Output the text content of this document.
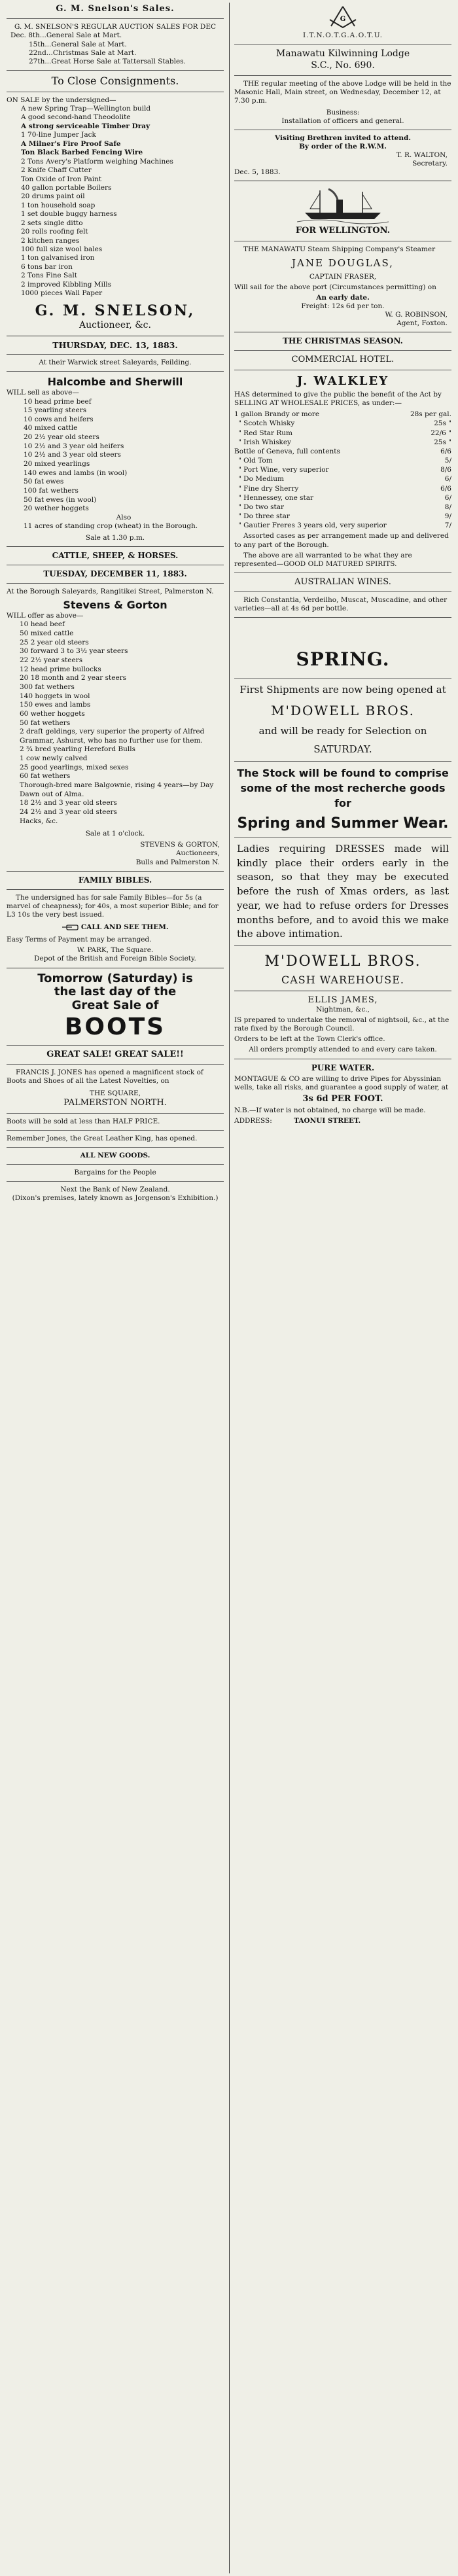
G. M. Snelson's Sales.
G. M. SNELSON'S REGULAR AUCTION SALES FOR DEC
Dec. 8th...General Sale at Mart.
15th...General Sale at Mart.
22nd...Christmas Sale at Mart.
27th...Great Horse Sale at Tattersall Stables.
To Close Consignments.
ON SALE by the undersigned—
A new Spring Trap—Wellington build
A good second-hand Theodolite
A strong serviceable Timber Dray
1 70-line Jumper Jack
A Milner's Fire Proof Safe
Ton Black Barbed Fencing Wire
2 Tons Avery's Platform weighing Machines
2 Knife Chaff Cutter
Ton Oxide of Iron Paint
40 gallon portable Boilers
20 drums paint oil
1 ton household soap
1 set double buggy harness
2 sets single ditto
20 rolls roofing felt
2 kitchen ranges
100 full size wool bales
1 ton galvanised iron
6 tons bar iron
2 Tons Fine Salt
2 improved Kibbling Mills
1000 pieces Wall Paper
G. M. SNELSON,
Auctioneer, &c.
THURSDAY, DEC. 13, 1883.
At their Warwick street Saleyards, Feilding.
Halcombe and Sherwill
WILL sell as above—
10 head prime beef
15 yearling steers
10 cows and heifers
40 mixed cattle
20 2½ year old steers
10 2½ and 3 year old heifers
10 2½ and 3 year old steers
20 mixed yearlings
140 ewes and lambs (in wool)
50 fat ewes
100 fat wethers
50 fat ewes (in wool)
20 wether hoggets
Also
11 acres of standing crop (wheat) in the Borough.
Sale at 1.30 p.m.
CATTLE, SHEEP, & HORSES.
TUESDAY, DECEMBER 11, 1883.
At the Borough Saleyards, Rangitikei Street, Palmerston N.
Stevens & Gorton
WILL offer as above—
10 head beef
50 mixed cattle
25 2 year old steers
30 forward 3 to 3½ year steers
22 2½ year steers
12 head prime bullocks
20 18 month and 2 year steers
300 fat wethers
140 hoggets in wool
150 ewes and lambs
60 wether hoggets
50 fat wethers
2 draft geldings, very superior the property of Alfred Grammar, Ashurst, who has no further use for them.
2 ¾ bred yearling Hereford Bulls
1 cow newly calved
25 good yearlings, mixed sexes
60 fat wethers
Thorough-bred mare Balgownie, rising 4 years—by Day Dawn out of Alma.
18 2½ and 3 year old steers
24 2½ and 3 year old steers
Hacks, &c.
Sale at 1 o'clock.
STEVENS & GORTON,
Auctioneers,
Bulls and Palmerston N.
FAMILY BIBLES.

The undersigned has for sale Family Bibles—for 5s (a marvel of cheapness); for 40s, a most superior Bible; and for L3 10s the very best issued.

CALL AND SEE THEM.

Easy Terms of Payment may be arranged.

W. PARK, The Square.
Depot of the British and Foreign Bible Society.
Tomorrow (Saturday) is
the last day of the
Great Sale of
BOOTS
GREAT SALE! GREAT SALE!!

FRANCIS J. JONES has opened a magnificent stock of Boots and Shoes of all the Latest Novelties, on

THE SQUARE,
PALMERSTON NORTH.

Boots will be sold at less than HALF PRICE.

Remember Jones, the Great Leather King, has opened.

ALL NEW GOODS.
Bargains for the People
Next the Bank of New Zealand.
(Dixon's premises, lately known as Jorgenson's Exhibition.)
G
I.T.N.O.T.G.A.O.T.U.
Manawatu Kilwinning Lodge
S.C., No. 690.

THE regular meeting of the above Lodge will be held in the Masonic Hall, Main street, on Wednesday, December 12, at 7.30 p.m.

Business:
Installation of officers and general.
Visiting Brethren invited to attend.
By order of the R.W.M.
T. R. WALTON,
Secretary.
Dec. 5, 1883.
FOR WELLINGTON.

THE MANAWATU Steam Shipping Company's Steamer

JANE DOUGLAS,
CAPTAIN FRASER,

Will sail for the above port (Circumstances permitting) on

An early date.
Freight: 12s 6d per ton.
W. G. ROBINSON,
Agent, Foxton.
THE CHRISTMAS SEASON.
COMMERCIAL HOTEL.
J. WALKLEY

HAS determined to give the public the benefit of the Act by SELLING AT WHOLESALE PRICES, as under:—

1 gallon Brandy or more	28s per gal.
" Scotch Whisky	25s "
" Red Star Rum	22/6 "
" Irish Whiskey	25s "
Bottle of Geneva, full contents	6/6
" Old Tom	5/
" Port Wine, very superior	8/6
" Do Medium	6/
" Fine dry Sherry	6/6
" Hennessey, one star	6/
" Do two star	8/
" Do three star	9/
" Gautier Freres 3 years old, very superior	7/

Assorted cases as per arrangement made up and delivered to any part of the Borough.

The above are all warranted to be what they are represented—GOOD OLD MATURED SPIRITS.

AUSTRALIAN WINES.

Rich Constantia, Verdeilho, Muscat, Muscadine, and other varieties—all at 4s 6d per bottle.

SPRING.
First Shipments are now being opened at
M'DOWELL BROS.
and will be ready for Selection on
SATURDAY.
The Stock will be found to comprise some of the most recherche goods for
Spring and Summer Wear.
Ladies requiring DRESSES made will kindly place their orders early in the season, so that they may be executed before the rush of Xmas orders, as last year, we had to refuse orders for Dresses months before, and to avoid this we make the above intimation.
M'DOWELL BROS.
CASH WAREHOUSE.
ELLIS JAMES,
Nightman, &c.,

IS prepared to undertake the removal of nightsoil, &c., at the rate fixed by the Borough Council.

Orders to be left at the Town Clerk's office.

All orders promptly attended to and every care taken.
PURE WATER.

MONTAGUE & CO are willing to drive Pipes for Abyssinian wells, take all risks, and guarantee a good supply of water, at

3s 6d PER FOOT.

N.B.—If water is not obtained, no charge will be made.

ADDRESS:	TAONUI STREET.
